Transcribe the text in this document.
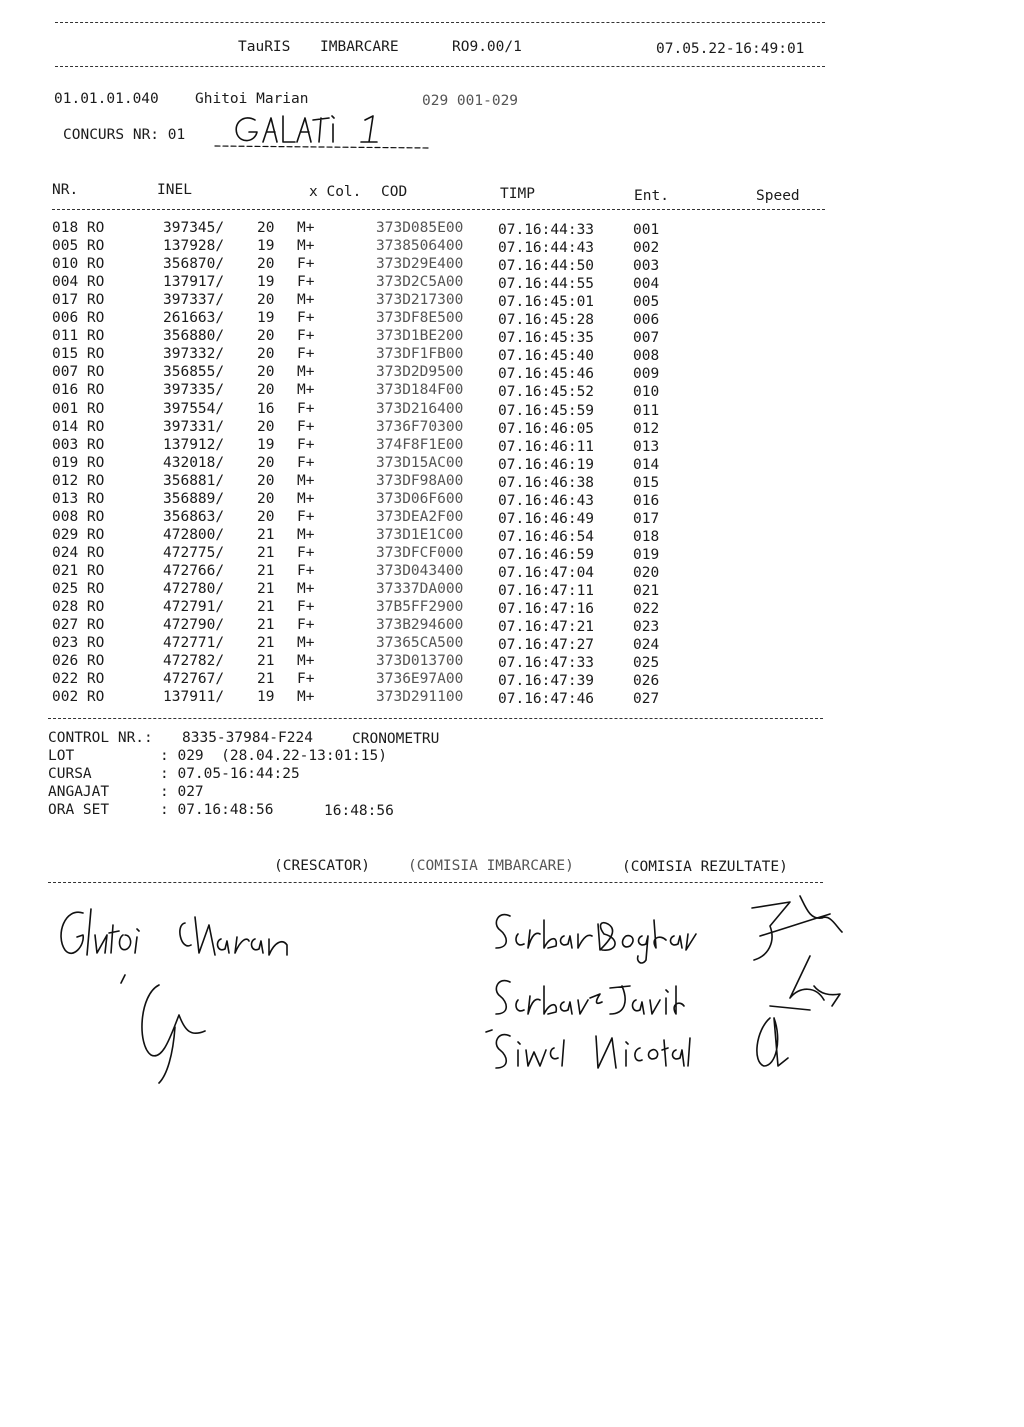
TauRIS IMBARCARE	RO9.00/1	07.05.22-16:49:01
01.01.01.040 Ghitoi Marian	029 001-029
CONCURS NR: 01
NR.	INEL	x Col. COD	TIMP	Ent.	Speed
018 RO	397345/ 20 M+	373D085E00 07.16:44:33	001
005 RO	137928/ 19 M+	3738506400 07.16:44:43	002
010 RO	356870/ 20 F+	373D29E400 07.16:44:50	003
004 RO	137917/ 19 F+	373D2C5A00 07.16:44:55	004
017 RO	397337/ 20 M+	373D217300 07.16:45:01	005
006 RO	261663/ 19 F+	373DF8E500 07.16:45:28	006
011 RO	356880/ 20 F+	373D1BE200 07.16:45:35	007
015 RO	397332/ 20 F+	373DF1FB00 07.16:45:40	008
007 RO	356855/ 20 M+	373D2D9500 07.16:45:46	009
016 RO	397335/ 20 M+	373D184F00 07.16:45:52	010
001 RO	397554/ 16 F+	373D216400 07.16:45:59	011
014 RO	397331/ 20 F+	3736F70300 07.16:46:05	012
003 RO	137912/ 19 F+	374F8F1E00 07.16:46:11	013
019 RO	432018/ 20 F+	373D15AC00 07.16:46:19	014
012 RO	356881/ 20 M+	373DF98A00 07.16:46:38	015
013 RO	356889/ 20 M+	373D06F600 07.16:46:43	016
008 RO	356863/ 20 F+	373DEA2F00 07.16:46:49	017
029 RO	472800/ 21 M+	373D1E1C00 07.16:46:54	018
024 RO	472775/ 21 F+	373DFCF000 07.16:46:59	019
021 RO	472766/ 21 F+	373D043400 07.16:47:04	020
025 RO	472780/ 21 M+	37337DA000 07.16:47:11	021
028 RO	472791/ 21 F+	37B5FF2900 07.16:47:16	022
027 RO	472790/ 21 F+	373B294600 07.16:47:21	023
023 RO	472771/ 21 M+	37365CA500 07.16:47:27	024
026 RO	472782/ 21 M+	373D013700 07.16:47:33	025
022 RO	472767/ 21 F+	3736E97A00 07.16:47:39	026
002 RO	137911/ 19 M+	373D291100 07.16:47:46	027
CONTROL NR.: 8335-37984-F224	CRONOMETRU
LOT	: 029  (28.04.22-13:01:15)
CURSA	: 07.05-16:44:25
ANGAJAT	: 027
ORA SET	: 07.16:48:56	16:48:56
(CRESCATOR)	(COMISIA IMBARCARE)	(COMISIA REZULTATE)
